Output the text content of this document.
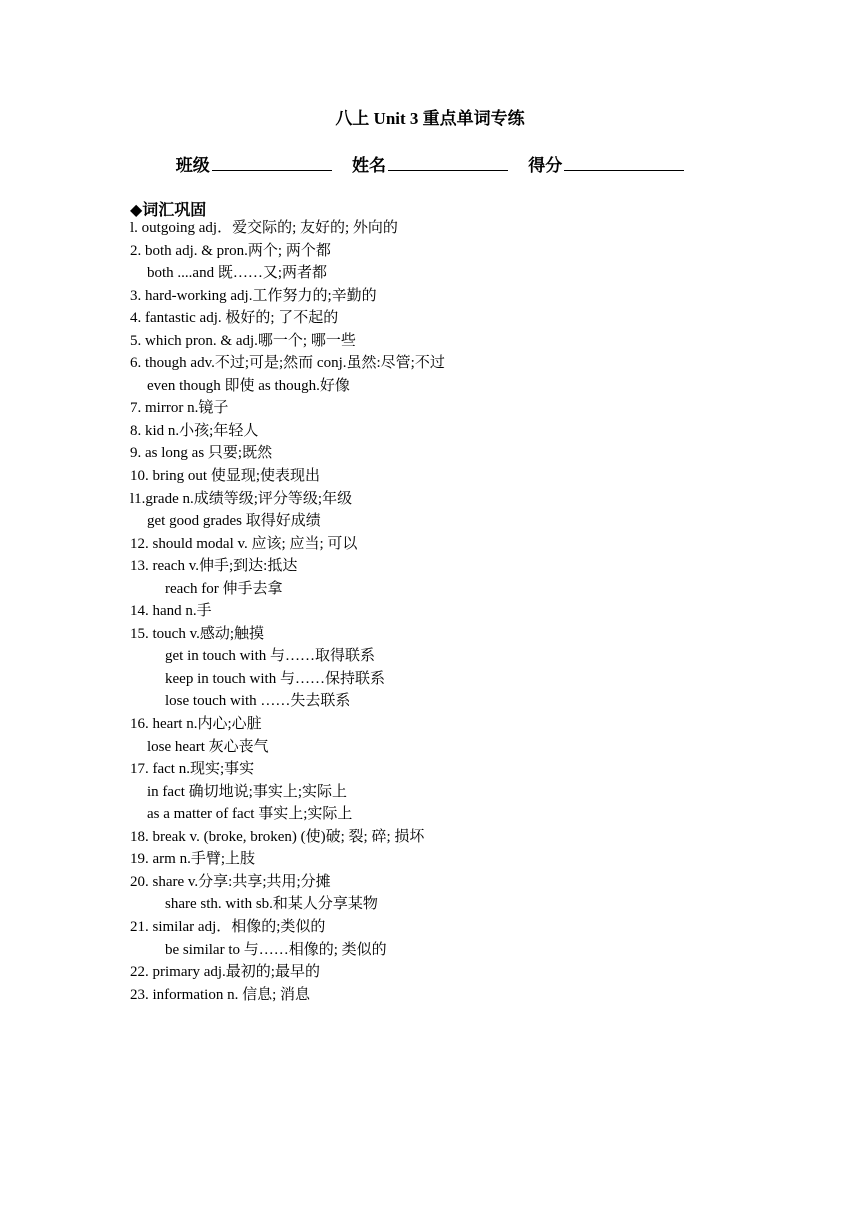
八上 Unit 3 重点单词专练
班级	姓名	得分
◆词汇巩固
l. outgoing adj．爱交际的; 友好的; 外向的
2. both adj. & pron.两个; 两个都
both ....and 既……又;两者都
3. hard-working adj.工作努力的;辛勤的
4. fantastic adj. 极好的; 了不起的
5. which pron. & adj.哪一个; 哪一些
6. though adv.不过;可是;然而 conj.虽然:尽管;不过
even though 即使 as though.好像
7. mirror n.镜子
8. kid n.小孩;年轻人
9. as long as 只要;既然
10. bring out 使显现;使表现出
l1.grade n.成绩等级;评分等级;年级
get good grades 取得好成绩
12. should modal v. 应该; 应当; 可以
13. reach v.伸手;到达:抵达
reach for 伸手去拿
14. hand n.手
15. touch v.感动;触摸
get in touch with 与……取得联系
keep in touch with 与……保持联系
lose touch with ……失去联系
16. heart n.内心;心脏
lose heart 灰心丧气
17. fact n.现实;事实
in fact 确切地说;事实上;实际上
as a matter of fact 事实上;实际上
18. break v. (broke, broken) (使)破; 裂; 碎; 损坏
19. arm n.手臂;上肢
20. share v.分享:共享;共用;分摊
share sth. with sb.和某人分享某物
21. similar adj．相像的;类似的
be similar to 与……相像的; 类似的
22. primary adj.最初的;最早的
23. information n. 信息; 消息
